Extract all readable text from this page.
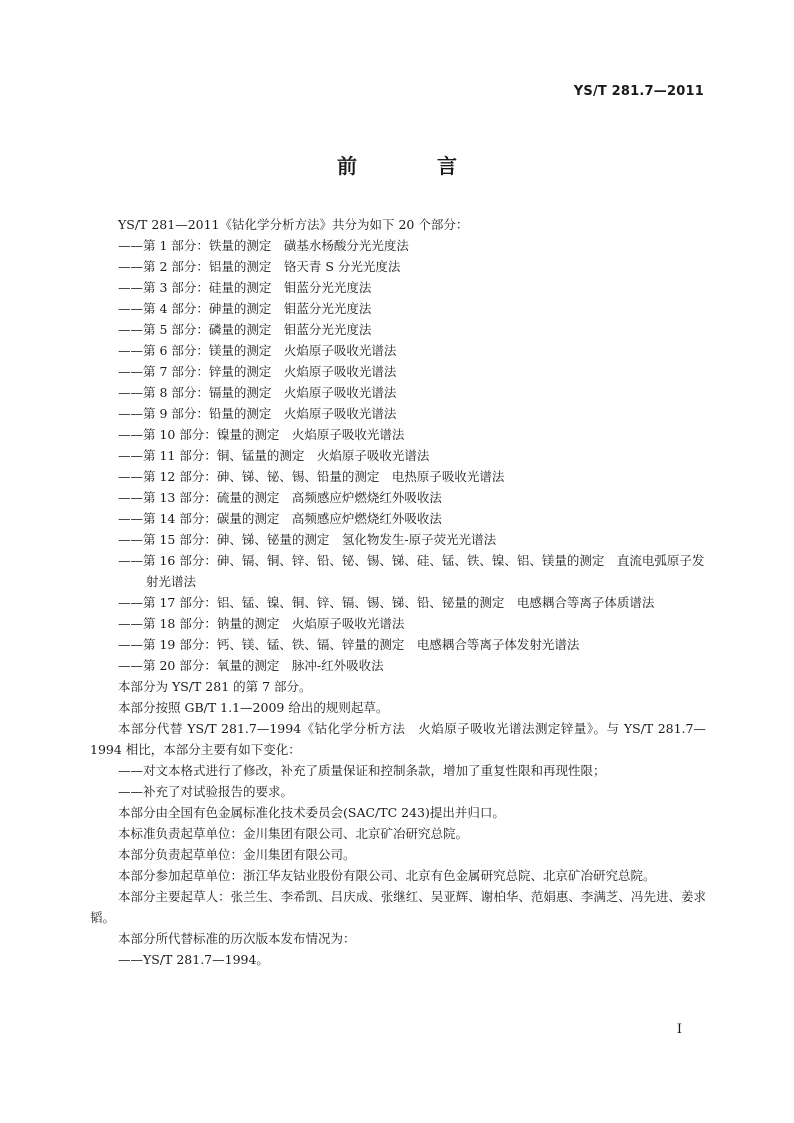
YS/T 281.7—2011
前　言

YS/T 281—2011《钴化学分析方法》共分为如下 20 个部分：

——第 1 部分：铁量的测定　磺基水杨酸分光光度法

——第 2 部分：铝量的测定　铬天青 S 分光光度法

——第 3 部分：硅量的测定　钼蓝分光光度法

——第 4 部分：砷量的测定　钼蓝分光光度法

——第 5 部分：磷量的测定　钼蓝分光光度法

——第 6 部分：镁量的测定　火焰原子吸收光谱法

——第 7 部分：锌量的测定　火焰原子吸收光谱法

——第 8 部分：镉量的测定　火焰原子吸收光谱法

——第 9 部分：铅量的测定　火焰原子吸收光谱法

——第 10 部分：镍量的测定　火焰原子吸收光谱法

——第 11 部分：铜、锰量的测定　火焰原子吸收光谱法

——第 12 部分：砷、锑、铋、锡、铅量的测定　电热原子吸收光谱法

——第 13 部分：硫量的测定　高频感应炉燃烧红外吸收法

——第 14 部分：碳量的测定　高频感应炉燃烧红外吸收法

——第 15 部分：砷、锑、铋量的测定　氢化物发生-原子荧光光谱法

——第 16 部分：砷、镉、铜、锌、铅、铋、锡、锑、硅、锰、铁、镍、铝、镁量的测定　直流电弧原子发射光谱法

——第 17 部分：铝、锰、镍、铜、锌、镉、锡、锑、铅、铋量的测定　电感耦合等离子体质谱法

——第 18 部分：钠量的测定　火焰原子吸收光谱法

——第 19 部分：钙、镁、锰、铁、镉、锌量的测定　电感耦合等离子体发射光谱法

——第 20 部分：氧量的测定　脉冲-红外吸收法

本部分为 YS/T 281 的第 7 部分。

本部分按照 GB/T 1.1—2009 给出的规则起草。

本部分代替 YS/T 281.7—1994《钴化学分析方法　火焰原子吸收光谱法测定锌量》。与 YS/T 281.7—1994 相比，本部分主要有如下变化：

——对文本格式进行了修改，补充了质量保证和控制条款，增加了重复性限和再现性限；

——补充了对试验报告的要求。

本部分由全国有色金属标准化技术委员会(SAC/TC 243)提出并归口。

本标准负责起草单位：金川集团有限公司、北京矿冶研究总院。

本部分负责起草单位：金川集团有限公司。

本部分参加起草单位：浙江华友钴业股份有限公司、北京有色金属研究总院、北京矿冶研究总院。

本部分主要起草人：张兰生、李希凯、吕庆成、张继红、吴亚辉、谢柏华、范娟惠、李满芝、冯先进、姜求韬。

本部分所代替标准的历次版本发布情况为：

——YS/T 281.7—1994。

I
